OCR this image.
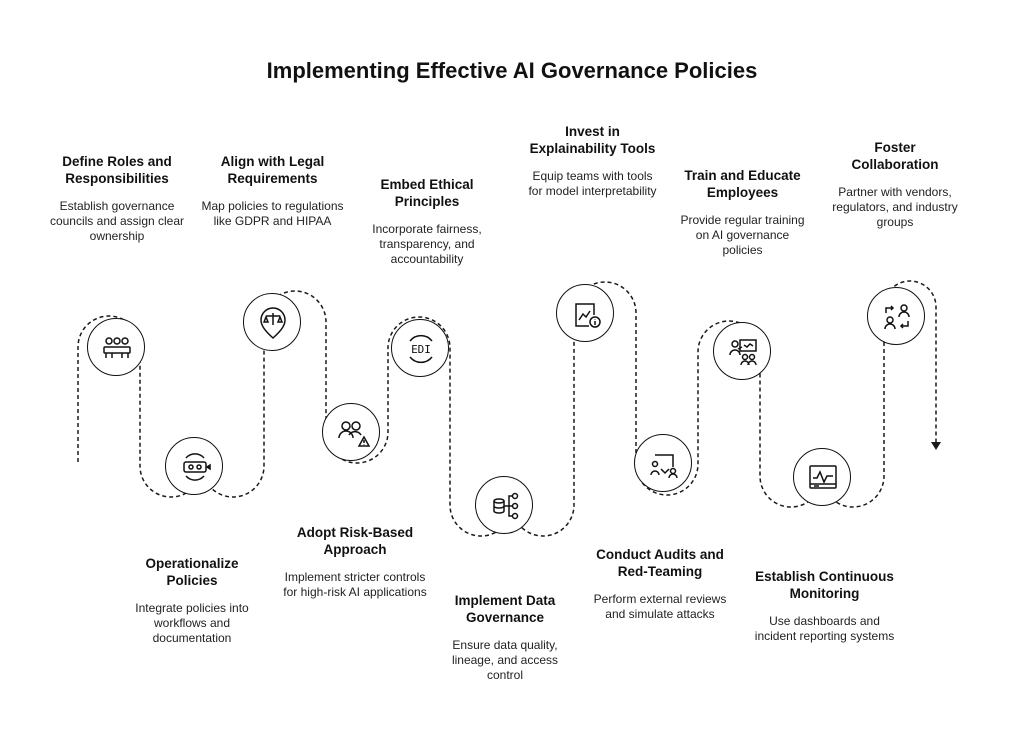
Implementing Effective AI Governance Policies
Define Roles and Responsibilities
Establish governance councils and assign clear ownership
Operationalize Policies
Integrate policies into workflows and documentation
Align with Legal Requirements
Map policies to regulations like GDPR and HIPAA
Adopt Risk-Based Approach
Implement stricter controls for high-risk AI applications
Embed Ethical Principles
Incorporate fairness, transparency, and accountability
EDI
Implement Data Governance
Ensure data quality, lineage, and access control
Invest in Explainability Tools
Equip teams with tools for model interpretability
Conduct Audits and Red-Teaming
Perform external reviews and simulate attacks
Train and Educate Employees
Provide regular training on AI governance policies
Establish Continuous Monitoring
Use dashboards and incident reporting systems
Foster Collaboration
Partner with vendors, regulators, and industry groups
